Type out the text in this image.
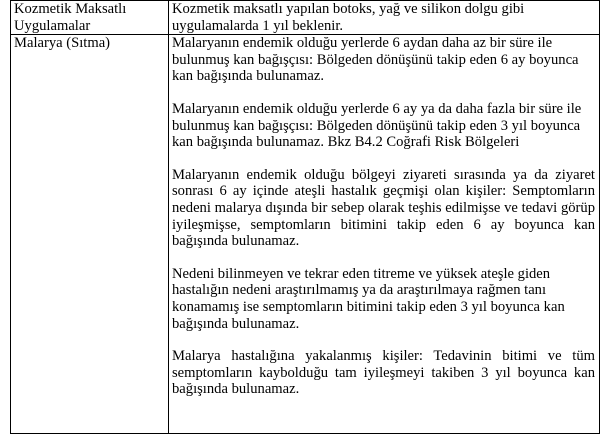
Kozmetik Maksatlı Uygulamalar	Kozmetik maksatlı yapılan botoks, yağ ve silikon dolgu gibi uygulamalarda 1 yıl beklenir.

Malarya (Sıtma)	Malaryanın endemik olduğu yerlerde 6 aydan daha az bir süre ile bulunmuş kan bağışçısı: Bölgeden dönüşünü takip eden 6 ay boyunca kan bağışında bulunamaz.

Malaryanın endemik olduğu yerlerde 6 ay ya da daha fazla bir süre ile bulunmuş kan bağışçısı: Bölgeden dönüşünü takip eden 3 yıl boyunca kan bağışında bulunamaz. Bkz B4.2 Coğrafi Risk Bölgeleri

Malaryanın endemik olduğu bölgeyi ziyareti sırasında ya da ziyaret sonrası 6 ay içinde ateşli hastalık geçmişi olan kişiler: Semptomların nedeni malarya dışında bir sebep olarak teşhis edilmişse ve tedavi görüp iyileşmişse, semptomların bitimini takip eden 6 ay boyunca kan bağışında bulunamaz.

Nedeni bilinmeyen ve tekrar eden titreme ve yüksek ateşle giden hastalığın nedeni araştırılmamış ya da araştırılmaya rağmen tanı konamamış ise semptomların bitimini takip eden 3 yıl boyunca kan bağışında bulunamaz.

Malarya hastalığına yakalanmış kişiler: Tedavinin bitimi ve tüm semptomların kaybolduğu tam iyileşmeyi takiben 3 yıl boyunca kan bağışında bulunamaz.
